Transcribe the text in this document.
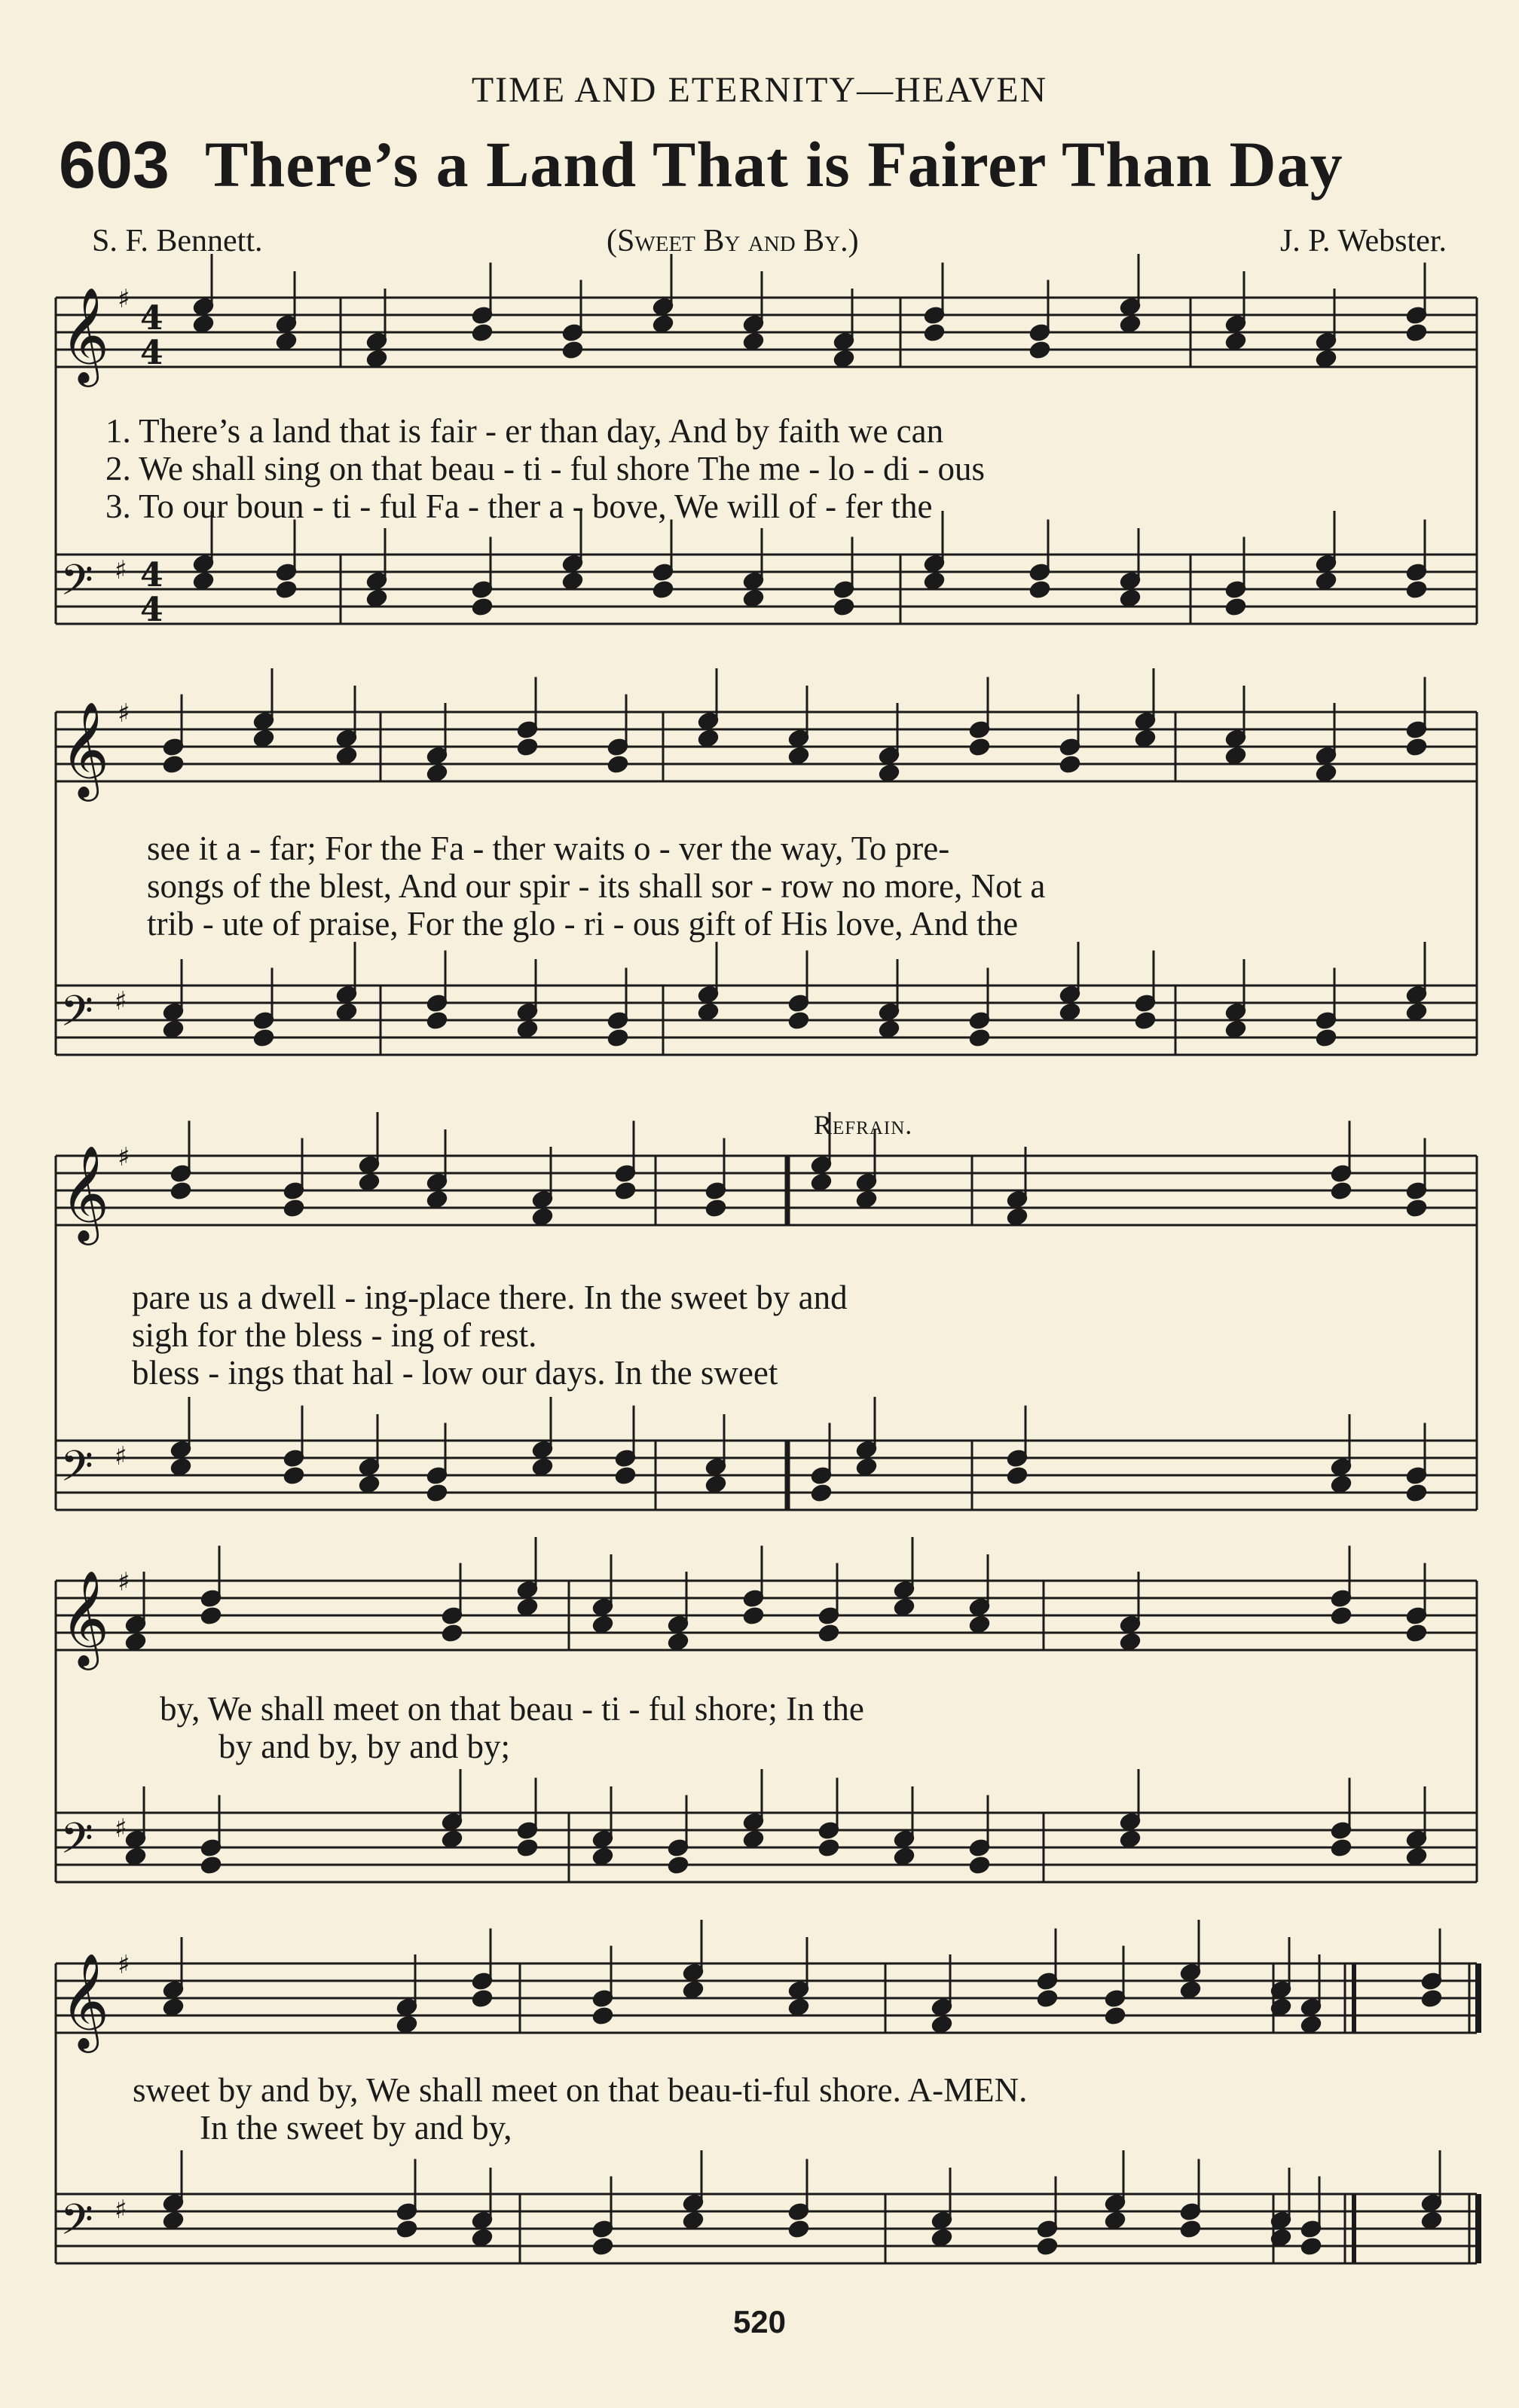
TIME AND ETERNITY—HEAVEN
603 There’s a Land That is Fairer Than Day
S. F. Bennett.	(Sweet By and By.)	J. P. Webster.
𝄞
𝄢
𝄞
𝄢
𝄞
𝄢
𝄞
𝄢
𝄞
𝄢
♯
♯
♯
♯
♯
♯
♯
♯
♯
♯
4
4
4
4
Refrain.
1. There’s a land that is fair - er than day, And by faith we can
2. We shall sing on that beau - ti - ful shore The me - lo - di - ous
3. To our boun - ti - ful Fa - ther a - bove, We will of - fer the
see it a - far; For the Fa - ther waits o - ver the way, To pre-
songs of the blest, And our spir - its shall sor - row no more, Not a
trib - ute of praise, For the glo - ri - ous gift of His love, And the
pare us a dwell - ing-place there. In the sweet by and
sigh for the bless - ing of rest.
bless - ings that hal - low our days. In the sweet
by, We shall meet on that beau - ti - ful shore; In the
by and by, by and by;
sweet by and by, We shall meet on that beau-ti-ful shore. A-MEN.
In the sweet by and by,
520
